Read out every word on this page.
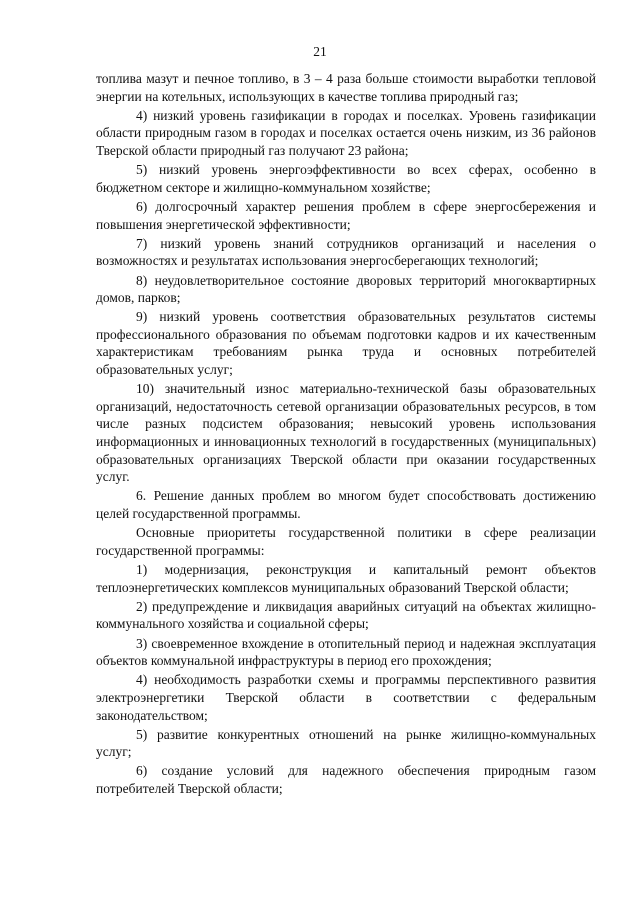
21

топлива мазут и печное топливо, в 3 – 4 раза больше стоимости выработки тепловой энергии на котельных, использующих в качестве топлива природный газ;

4) низкий уровень газификации в городах и поселках. Уровень газификации области природным газом в городах и поселках остается очень низким, из 36 районов Тверской области природный газ получают 23 района;

5) низкий уровень энергоэффективности во всех сферах, особенно в бюджетном секторе и жилищно-коммунальном хозяйстве;

6) долгосрочный характер решения проблем в сфере энергосбережения и повышения энергетической эффективности;

7) низкий уровень знаний сотрудников организаций и населения о возможностях и результатах использования энергосберегающих технологий;

8) неудовлетворительное состояние дворовых территорий многоквартирных домов, парков;

9) низкий уровень соответствия образовательных результатов системы профессионального образования по объемам подготовки кадров и их качественным характеристикам требованиям рынка труда и основных потребителей образовательных услуг;

10) значительный износ материально-технической базы образовательных организаций, недостаточность сетевой организации образовательных ресурсов, в том числе разных подсистем образования; невысокий уровень использования информационных и инновационных технологий в государственных (муниципальных) образовательных организациях Тверской области при оказании государственных услуг.

6. Решение данных проблем во многом будет способствовать достижению целей государственной программы.

Основные приоритеты государственной политики в сфере реализации государственной программы:

1) модернизация, реконструкция и капитальный ремонт объектов теплоэнергетических комплексов муниципальных образований Тверской области;

2) предупреждение и ликвидация аварийных ситуаций на объектах жилищно-коммунального хозяйства и социальной сферы;

3) своевременное вхождение в отопительный период и надежная эксплуатация объектов коммунальной инфраструктуры в период его прохождения;

4) необходимость разработки схемы и программы перспективного развития электроэнергетики Тверской области в соответствии с федеральным законодательством;

5) развитие конкурентных отношений на рынке жилищно-коммунальных услуг;

6) создание условий для надежного обеспечения природным газом потребителей Тверской области;
